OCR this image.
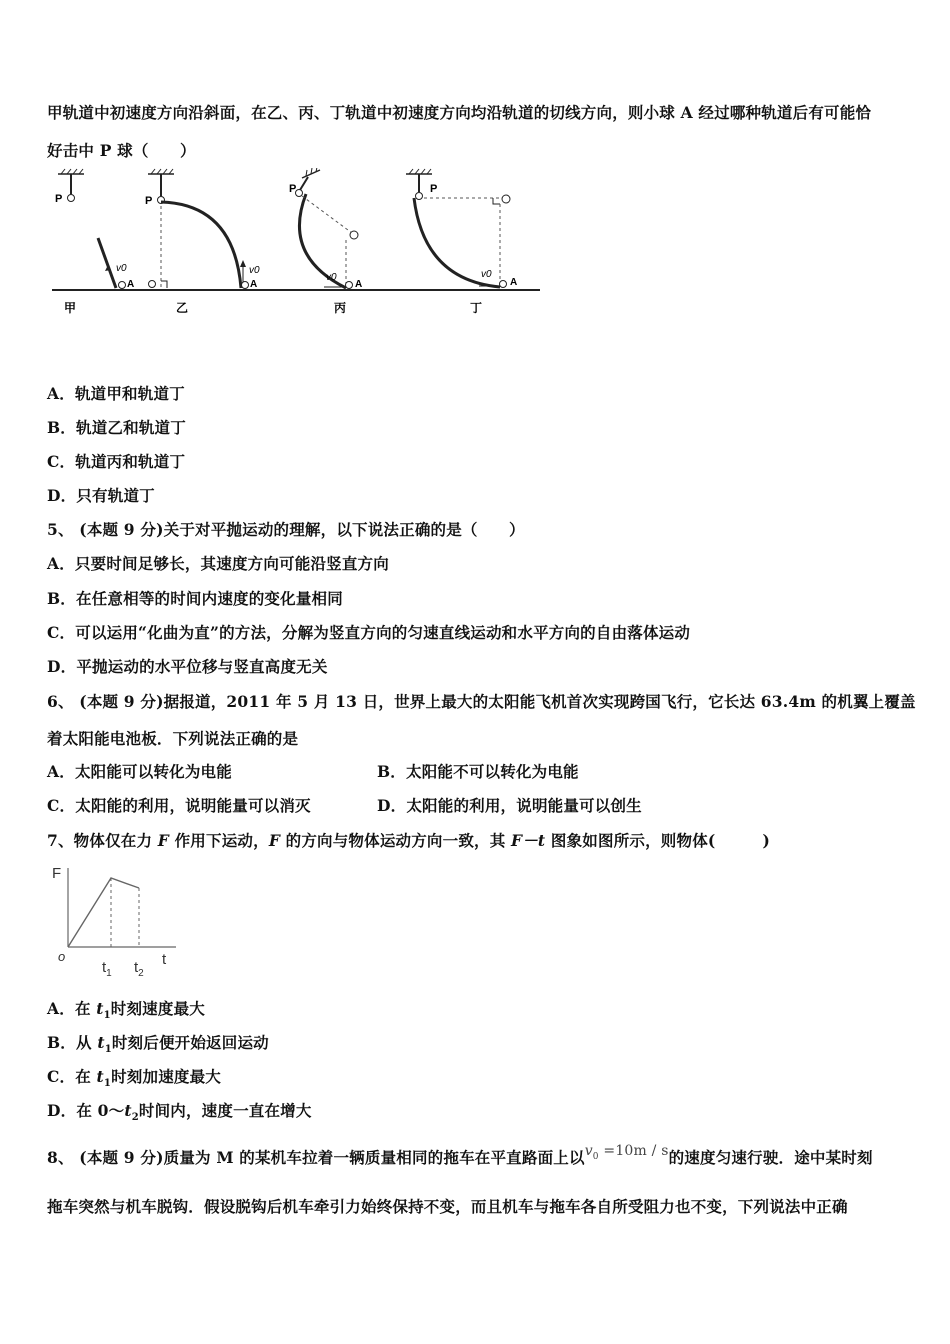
甲轨道中初速度方向沿斜面，在乙、丙、丁轨道中初速度方向均沿轨道的切线方向，则小球 A 经过哪种轨道后有可能恰
好击中 P 球（　　）
P
v0
A
甲
P
v0
A
乙
P
v0
A
丙
P
v0
A
丁
A．轨道甲和轨道丁
B．轨道乙和轨道丁
C．轨道丙和轨道丁
D．只有轨道丁
5、 (本题 9 分)关于对平抛运动的理解，以下说法正确的是（　　）
A．只要时间足够长，其速度方向可能沿竖直方向
B．在任意相等的时间内速度的变化量相同
C．可以运用“化曲为直”的方法，分解为竖直方向的匀速直线运动和水平方向的自由落体运动
D．平抛运动的水平位移与竖直高度无关
6、 (本题 9 分)据报道，2011 年 5 月 13 日，世界上最大的太阳能飞机首次实现跨国飞行，它长达 63.4m 的机翼上覆盖
着太阳能电池板．下列说法正确的是
A．太阳能可以转化为电能	B．太阳能不可以转化为电能
C．太阳能的利用，说明能量可以消灭	D．太阳能的利用，说明能量可以创生
7、物体仅在力 F 作用下运动，F 的方向与物体运动方向一致，其 F－t 图象如图所示，则物体(　　　)
F
t
o
$t_1$ $t_2$
A．在 $t_1$时刻速度最大
B．从 $t_1$时刻后便开始返回运动
C．在 $t_1$时刻加速度最大
D．在 $0\sim t_2$时间内，速度一直在增大
8、 (本题 9 分)质量为 M 的某机车拉着一辆质量相同的拖车在平直路面上以$v_0 =10m / s$的速度匀速行驶．途中某时刻
拖车突然与机车脱钩．假设脱钩后机车牵引力始终保持不变，而且机车与拖车各自所受阻力也不变，下列说法中正确
